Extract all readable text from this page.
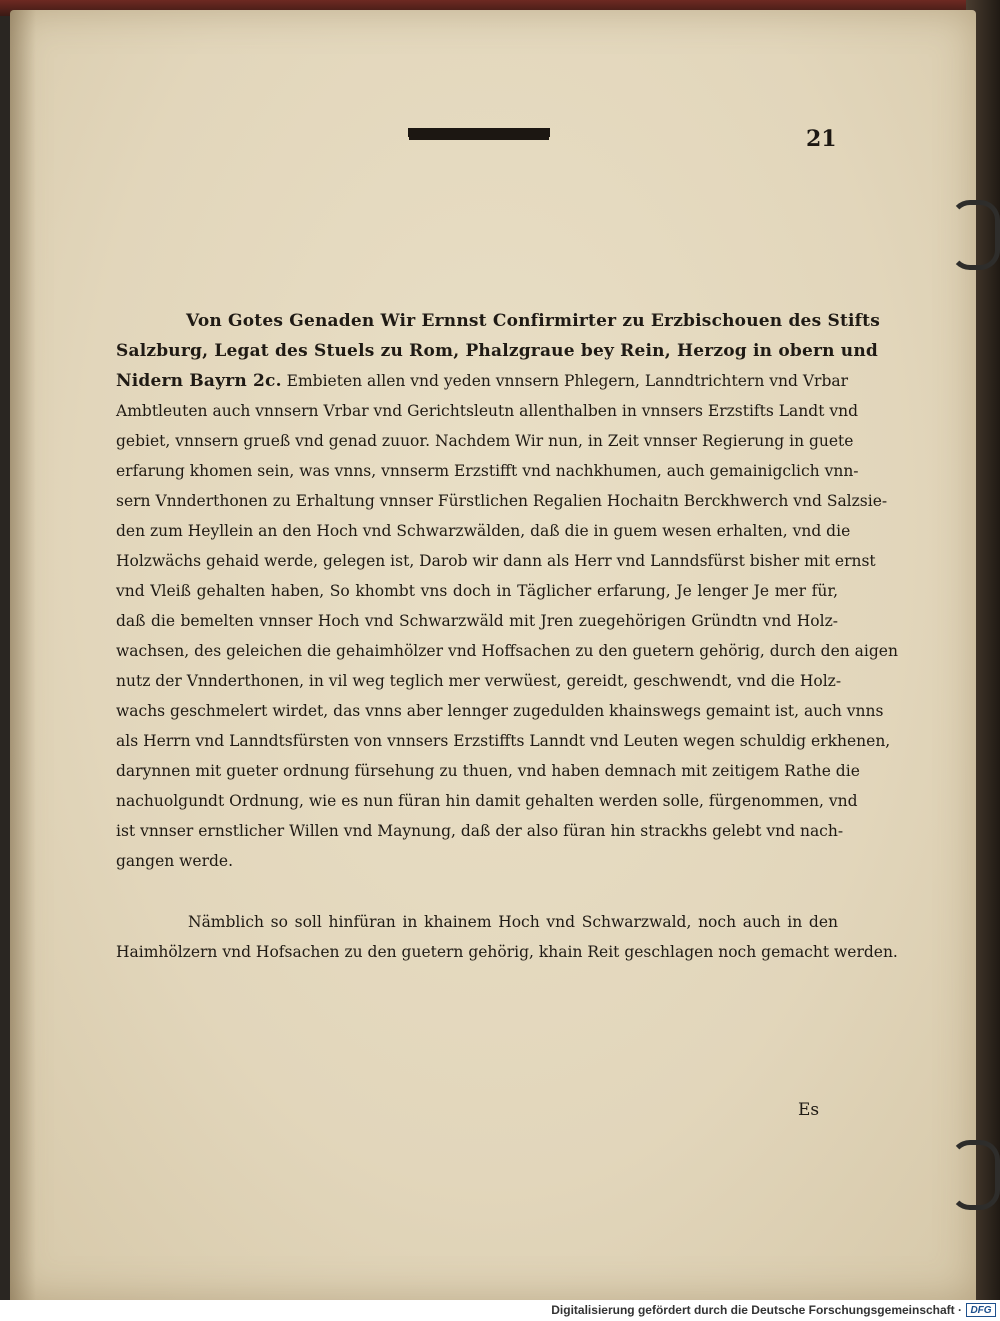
21
Von Gotes Genaden Wir Ernnst Confirmirter zu Erzbischouen des Stifts
Salzburg, Legat des Stuels zu Rom, Phalzgraue bey Rein, Herzog in obern und
Nidern Bayrn 2c. Embieten allen vnd yeden vnnsern Phlegern, Lanndtrichtern vnd Vrbar
Ambtleuten auch vnnsern Vrbar vnd Gerichtsleutn allenthalben in vnnsers Erzstifts Landt vnd
gebiet, vnnsern grueß vnd genad zuuor. Nachdem Wir nun, in Zeit vnnser Regierung in guete
erfarung khomen sein, was vnns, vnnserm Erzstifft vnd nachkhumen, auch gemainigclich vnn-
sern Vnnderthonen zu Erhaltung vnnser Fürstlichen Regalien Hochaitn Berckhwerch vnd Salzsie-
den zum Heyllein an den Hoch vnd Schwarzwälden, daß die in guem wesen erhalten, vnd die
Holzwächs gehaid werde, gelegen ist, Darob wir dann als Herr vnd Lanndsfürst bisher mit ernst
vnd Vleiß gehalten haben, So khombt vns doch in Täglicher erfarung, Je lenger Je mer für,
daß die bemelten vnnser Hoch vnd Schwarzwäld mit Jren zuegehörigen Gründtn vnd Holz-
wachsen, des geleichen die gehaimhölzer vnd Hoffsachen zu den guetern gehörig, durch den aigen
nutz der Vnnderthonen, in vil weg teglich mer verwüest, gereidt, geschwendt, vnd die Holz-
wachs geschmelert wirdet, das vnns aber lennger zugedulden khainswegs gemaint ist, auch vnns
als Herrn vnd Lanndtsfürsten von vnnsers Erzstiffts Lanndt vnd Leuten wegen schuldig erkhenen,
darynnen mit gueter ordnung fürsehung zu thuen, vnd haben demnach mit zeitigem Rathe die
nachuolgundt Ordnung, wie es nun füran hin damit gehalten werden solle, fürgenommen, vnd
ist vnnser ernstlicher Willen vnd Maynung, daß der also füran hin strackhs gelebt vnd nach-
gangen werde.
Nämblich so soll hinfüran in khainem Hoch vnd Schwarzwald, noch auch in den
Haimhölzern vnd Hofsachen zu den guetern gehörig, khain Reit geschlagen noch gemacht werden.
Es
Digitalisierung gefördert durch die Deutsche Forschungsgemeinschaft · DFG
